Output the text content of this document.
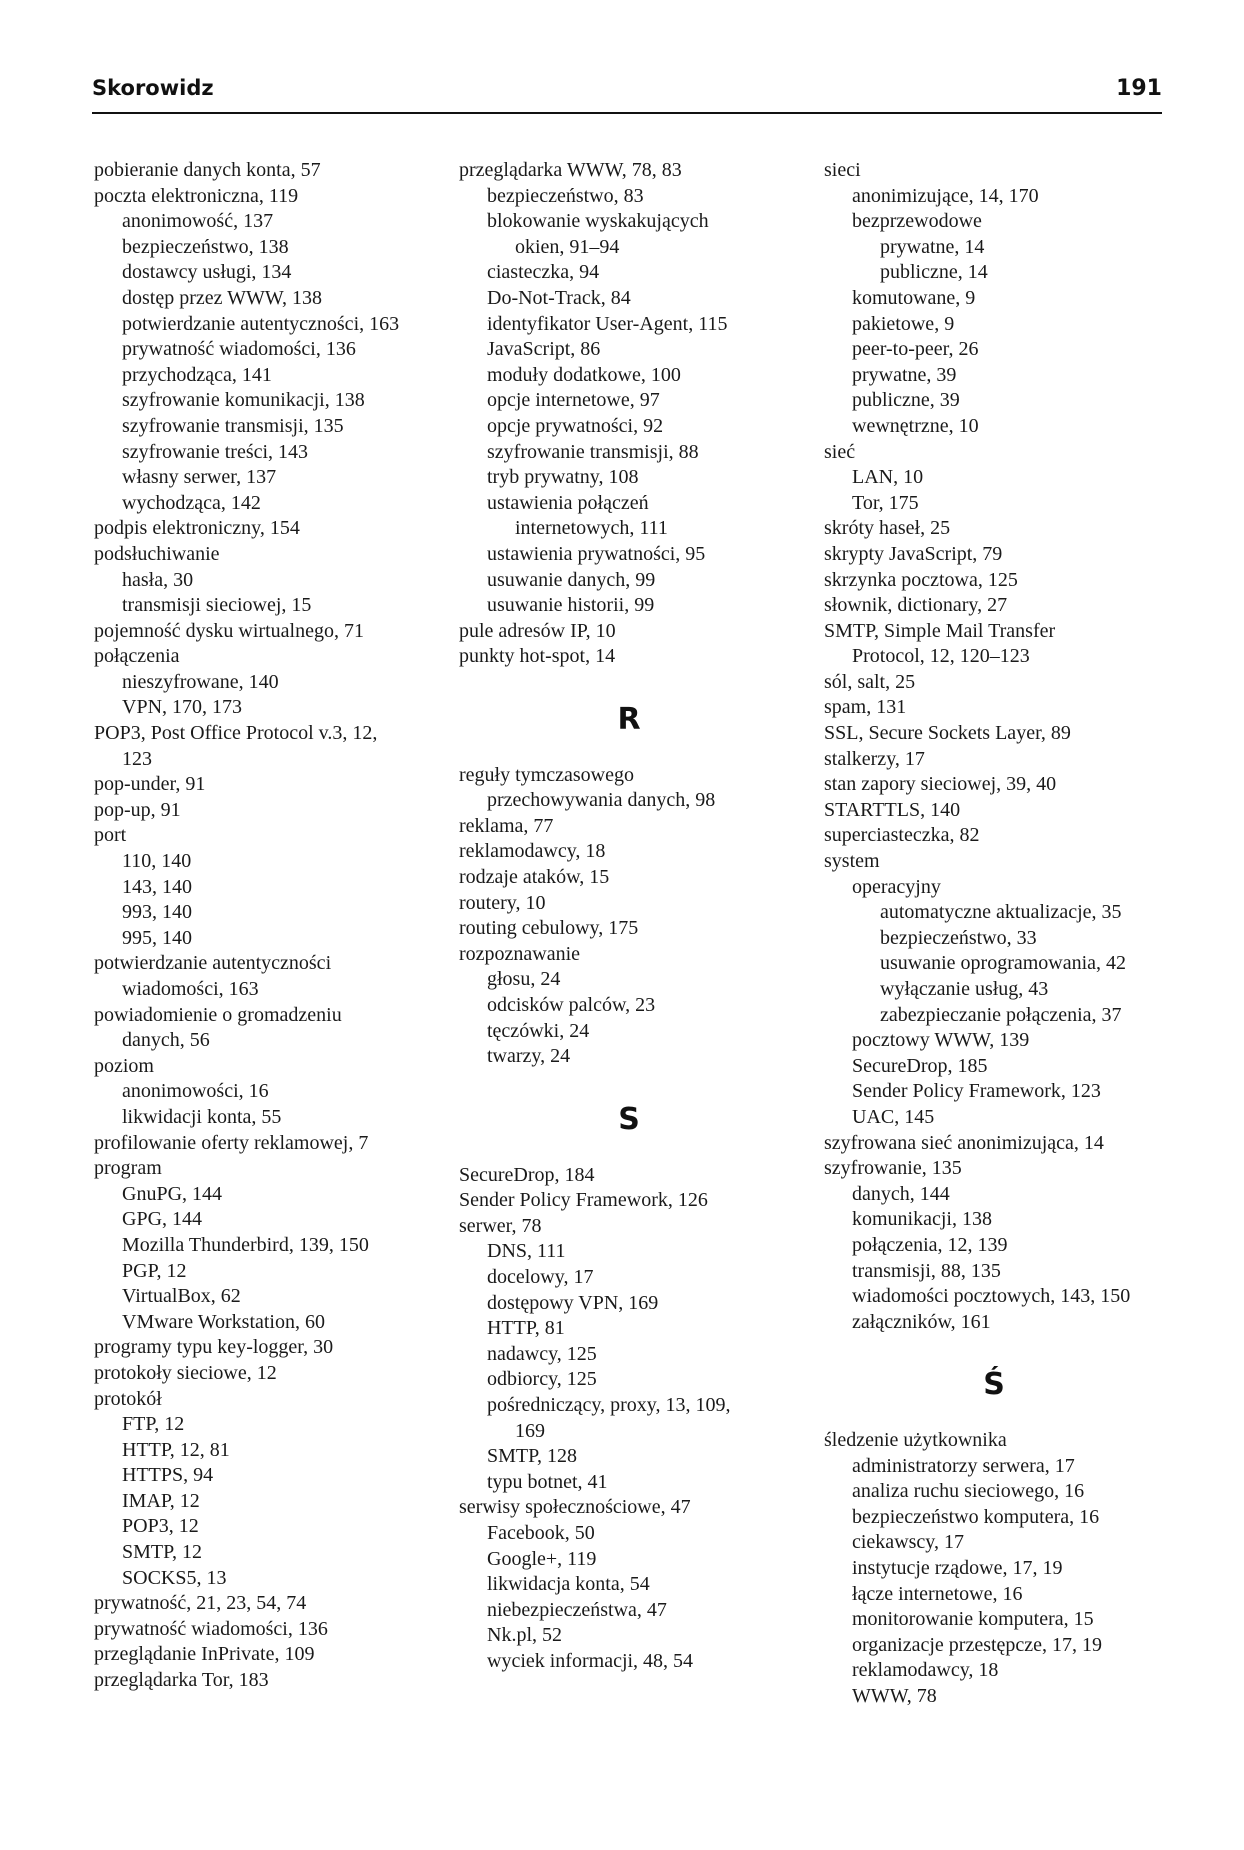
Skorowidz	191
pobieranie danych konta, 57
poczta elektroniczna, 119
anonimowość, 137
bezpieczeństwo, 138
dostawcy usługi, 134
dostęp przez WWW, 138
potwierdzanie autentyczności, 163
prywatność wiadomości, 136
przychodząca, 141
szyfrowanie komunikacji, 138
szyfrowanie transmisji, 135
szyfrowanie treści, 143
własny serwer, 137
wychodząca, 142
podpis elektroniczny, 154
podsłuchiwanie
hasła, 30
transmisji sieciowej, 15
pojemność dysku wirtualnego, 71
połączenia
nieszyfrowane, 140
VPN, 170, 173
POP3, Post Office Protocol v.3, 12,
123
pop-under, 91
pop-up, 91
port
110, 140
143, 140
993, 140
995, 140
potwierdzanie autentyczności
wiadomości, 163
powiadomienie o gromadzeniu
danych, 56
poziom
anonimowości, 16
likwidacji konta, 55
profilowanie oferty reklamowej, 7
program
GnuPG, 144
GPG, 144
Mozilla Thunderbird, 139, 150
PGP, 12
VirtualBox, 62
VMware Workstation, 60
programy typu key-logger, 30
protokoły sieciowe, 12
protokół
FTP, 12
HTTP, 12, 81
HTTPS, 94
IMAP, 12
POP3, 12
SMTP, 12
SOCKS5, 13
prywatność, 21, 23, 54, 74
prywatność wiadomości, 136
przeglądanie InPrivate, 109
przeglądarka Tor, 183
przeglądarka WWW, 78, 83
bezpieczeństwo, 83
blokowanie wyskakujących
okien, 91–94
ciasteczka, 94
Do-Not-Track, 84
identyfikator User-Agent, 115
JavaScript, 86
moduły dodatkowe, 100
opcje internetowe, 97
opcje prywatności, 92
szyfrowanie transmisji, 88
tryb prywatny, 108
ustawienia połączeń
internetowych, 111
ustawienia prywatności, 95
usuwanie danych, 99
usuwanie historii, 99
pule adresów IP, 10
punkty hot-spot, 14
R
reguły tymczasowego
przechowywania danych, 98
reklama, 77
reklamodawcy, 18
rodzaje ataków, 15
routery, 10
routing cebulowy, 175
rozpoznawanie
głosu, 24
odcisków palców, 23
tęczówki, 24
twarzy, 24
S
SecureDrop, 184
Sender Policy Framework, 126
serwer, 78
DNS, 111
docelowy, 17
dostępowy VPN, 169
HTTP, 81
nadawcy, 125
odbiorcy, 125
pośredniczący, proxy, 13, 109,
169
SMTP, 128
typu botnet, 41
serwisy społecznościowe, 47
Facebook, 50
Google+, 119
likwidacja konta, 54
niebezpieczeństwa, 47
Nk.pl, 52
wyciek informacji, 48, 54
sieci
anonimizujące, 14, 170
bezprzewodowe
prywatne, 14
publiczne, 14
komutowane, 9
pakietowe, 9
peer-to-peer, 26
prywatne, 39
publiczne, 39
wewnętrzne, 10
sieć
LAN, 10
Tor, 175
skróty haseł, 25
skrypty JavaScript, 79
skrzynka pocztowa, 125
słownik, dictionary, 27
SMTP, Simple Mail Transfer
Protocol, 12, 120–123
sól, salt, 25
spam, 131
SSL, Secure Sockets Layer, 89
stalkerzy, 17
stan zapory sieciowej, 39, 40
STARTTLS, 140
superciasteczka, 82
system
operacyjny
automatyczne aktualizacje, 35
bezpieczeństwo, 33
usuwanie oprogramowania, 42
wyłączanie usług, 43
zabezpieczanie połączenia, 37
pocztowy WWW, 139
SecureDrop, 185
Sender Policy Framework, 123
UAC, 145
szyfrowana sieć anonimizująca, 14
szyfrowanie, 135
danych, 144
komunikacji, 138
połączenia, 12, 139
transmisji, 88, 135
wiadomości pocztowych, 143, 150
załączników, 161
Ś
śledzenie użytkownika
administratorzy serwera, 17
analiza ruchu sieciowego, 16
bezpieczeństwo komputera, 16
ciekawscy, 17
instytucje rządowe, 17, 19
łącze internetowe, 16
monitorowanie komputera, 15
organizacje przestępcze, 17, 19
reklamodawcy, 18
WWW, 78
